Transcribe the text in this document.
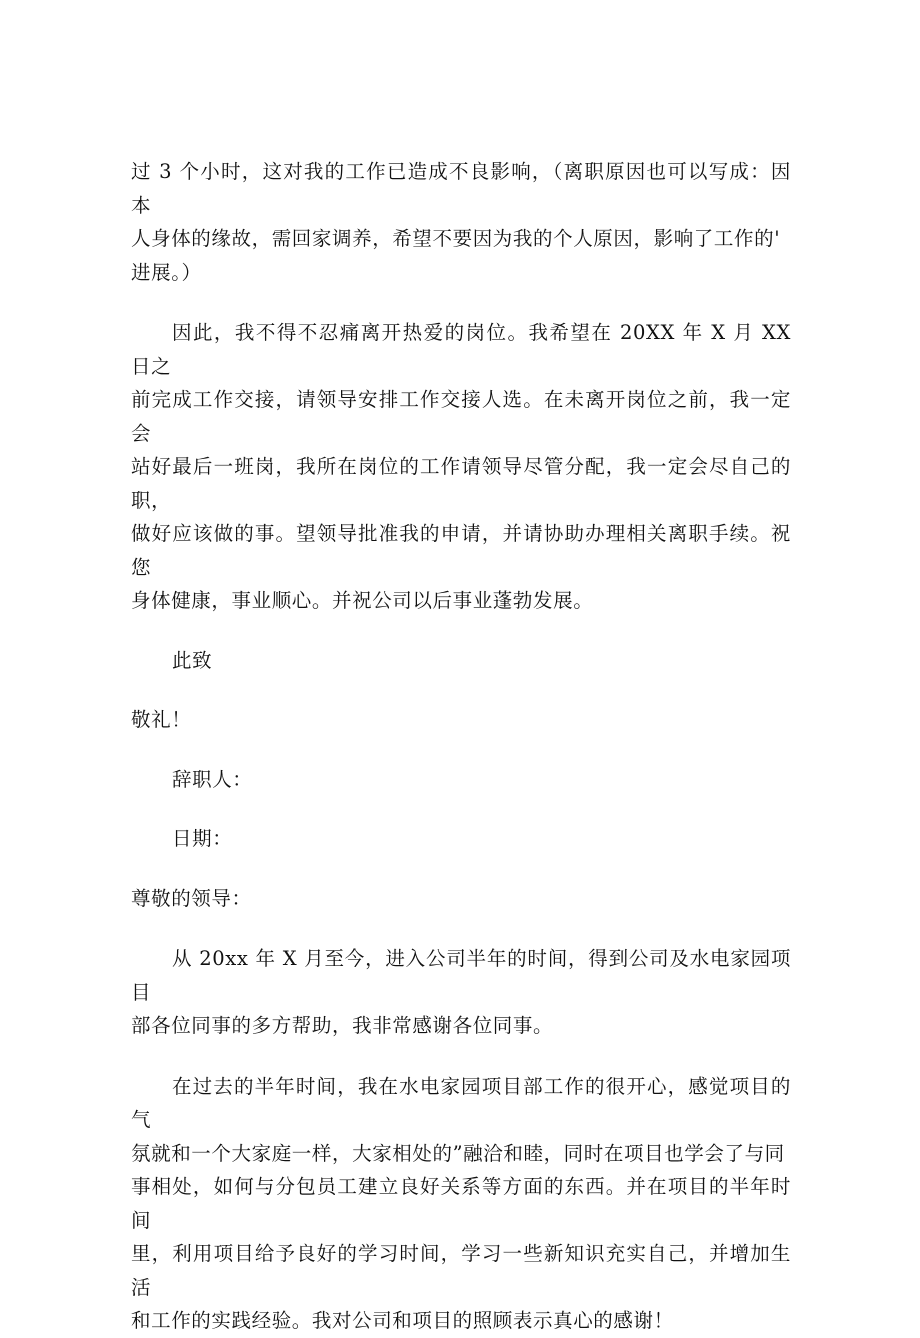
过 3 个小时，这对我的工作已造成不良影响，（离职原因也可以写成：因本
人身体的缘故，需回家调养，希望不要因为我的个人原因，影响了工作的'
进展。）

因此，我不得不忍痛离开热爱的岗位。我希望在 20XX 年 X 月 XX 日之
前完成工作交接，请领导安排工作交接人选。在未离开岗位之前，我一定会
站好最后一班岗，我所在岗位的工作请领导尽管分配，我一定会尽自己的职，
做好应该做的事。望领导批准我的申请，并请协助办理相关离职手续。祝您
身体健康，事业顺心。并祝公司以后事业蓬勃发展。

此致

敬礼！

辞职人：

日期：

尊敬的领导：

从 20xx 年 X 月至今，进入公司半年的时间，得到公司及水电家园项目
部各位同事的多方帮助，我非常感谢各位同事。

在过去的半年时间，我在水电家园项目部工作的很开心，感觉项目的气
氛就和一个大家庭一样，大家相处的”融洽和睦，同时在项目也学会了与同
事相处，如何与分包员工建立良好关系等方面的东西。并在项目的半年时间
里，利用项目给予良好的学习时间，学习一些新知识充实自己，并增加生活
和工作的实践经验。我对公司和项目的照顾表示真心的感谢！
